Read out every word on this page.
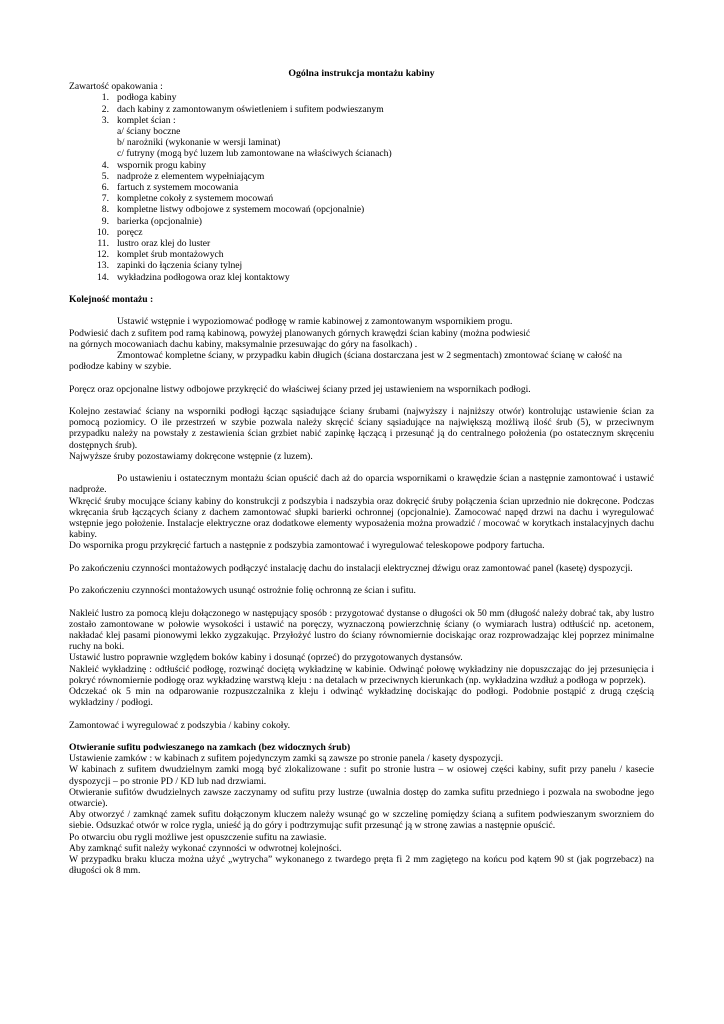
Ogólna instrukcja montażu kabiny

Zawartość opakowania :

1. podłoga kabiny
2. dach kabiny z zamontowanym oświetleniem i sufitem podwieszanym
3. komplet ścian :
a/ ściany boczne
b/ narożniki (wykonanie w wersji laminat)
c/ futryny (mogą być luzem lub zamontowane na właściwych ścianach)
4. wspornik progu kabiny
5. nadproże z elementem wypełniającym
6. fartuch z systemem mocowania
7. kompletne cokoły z systemem mocowań
8. kompletne listwy odbojowe z systemem mocowań (opcjonalnie)
9. barierka (opcjonalnie)
10. poręcz
11. lustro oraz klej do luster
12. komplet śrub montażowych
13. zapinki do łączenia ściany tylnej
14. wykładzina podłogowa oraz klej kontaktowy
Kolejność montażu :

Ustawić wstępnie i wypoziomować podłogę w ramie kabinowej z zamontowanym wspornikiem progu.

Podwiesić dach z sufitem pod ramą kabinową, powyżej planowanych górnych krawędzi ścian kabiny (można podwiesić

na górnych mocowaniach dachu kabiny, maksymalnie przesuwając do góry na fasolkach) .

Zmontować kompletne ściany, w przypadku kabin długich (ściana dostarczana jest w 2 segmentach) zmontować ścianę w całość na podłodze kabiny w szybie.

Poręcz oraz opcjonalne listwy odbojowe przykręcić do właściwej ściany przed jej ustawieniem na wspornikach podłogi.

Kolejno zestawiać ściany na wsporniki podłogi łącząc sąsiadujące ściany śrubami (najwyższy i najniższy otwór) kontrolując ustawienie ścian za pomocą poziomicy. O ile przestrzeń w szybie pozwala należy skręcić ściany sąsiadujące na największą możliwą ilość śrub (5), w przeciwnym przypadku należy na powstały z zestawienia ścian grzbiet nabić zapinkę łączącą i przesunąć ją do centralnego położenia (po ostatecznym skręceniu dostępnych śrub).

Najwyższe śruby pozostawiamy dokręcone wstępnie (z luzem).

Po ustawieniu i ostatecznym montażu ścian opuścić dach aż do oparcia wspornikami o krawędzie ścian a następnie zamontować i ustawić nadproże.

Wkręcić śruby mocujące ściany kabiny do konstrukcji z podszybia i nadszybia oraz dokręcić śruby połączenia ścian uprzednio nie dokręcone. Podczas wkręcania śrub łączących ściany z dachem zamontować słupki barierki ochronnej (opcjonalnie). Zamocować napęd drzwi na dachu i wyregulować wstępnie jego położenie. Instalacje elektryczne oraz dodatkowe elementy wyposażenia można prowadzić / mocować w korytkach instalacyjnych dachu kabiny.

Do wspornika progu przykręcić fartuch a następnie z podszybia zamontować i wyregulować teleskopowe podpory fartucha.

Po zakończeniu czynności montażowych podłączyć instalację dachu do instalacji elektrycznej dźwigu oraz zamontować panel (kasetę) dyspozycji.

Po zakończeniu czynności montażowych usunąć ostrożnie folię ochronną ze ścian i sufitu.

Nakleić lustro za pomocą kleju dołączonego w następujący sposób : przygotować dystanse o długości ok 50 mm (długość należy dobrać tak, aby lustro zostało zamontowane w połowie wysokości i ustawić na poręczy, wyznaczoną powierzchnię ściany (o wymiarach lustra) odtłuścić np. acetonem, nakładać klej pasami pionowymi lekko zygzakując. Przyłożyć lustro do ściany równomiernie dociskając oraz rozprowadzając klej poprzez minimalne ruchy na boki.

Ustawić lustro poprawnie względem boków kabiny i dosunąć (oprzeć) do przygotowanych dystansów.

Nakleić wykładzinę : odtłuścić podłogę, rozwinąć dociętą wykładzinę w kabinie. Odwinąć połowę wykładziny nie dopuszczając do jej przesunięcia i pokryć równomiernie podłogę oraz wykładzinę warstwą kleju : na detalach w przeciwnych kierunkach (np. wykładzina wzdłuż a podłoga w poprzek).

Odczekać ok 5 min na odparowanie rozpuszczalnika z kleju i odwinąć wykładzinę dociskając do podłogi. Podobnie postąpić z drugą częścią wykładziny / podłogi.

Zamontować i wyregulować z podszybia / kabiny cokoły.

Otwieranie sufitu podwieszanego na zamkach (bez widocznych śrub)

Ustawienie zamków : w kabinach z sufitem pojedynczym zamki są zawsze po stronie panela / kasety dyspozycji.

W kabinach z sufitem dwudzielnym zamki mogą być zlokalizowane : sufit po stronie lustra – w osiowej części kabiny, sufit przy panelu / kasecie dyspozycji – po stronie PD / KD lub nad drzwiami.

Otwieranie sufitów dwudzielnych zawsze zaczynamy od sufitu przy lustrze (uwalnia dostęp do zamka sufitu przedniego i pozwala na swobodne jego otwarcie).

Aby otworzyć / zamknąć zamek sufitu dołączonym kluczem należy wsunąć go w szczelinę pomiędzy ścianą a sufitem podwieszanym sworzniem do siebie. Odsuzkać otwór w rolce rygla, unieść ją do góry i podtrzymując sufit przesunąć ją w stronę zawias a następnie opuścić.

Po otwarciu obu rygli możliwe jest opuszczenie sufitu na zawiasie.

Aby zamknąć sufit należy wykonać czynności w odwrotnej kolejności.

W przypadku braku klucza można użyć „wytrycha” wykonanego z twardego pręta fi 2 mm zagiętego na końcu pod kątem 90 st (jak pogrzebacz) na długości ok 8 mm.
